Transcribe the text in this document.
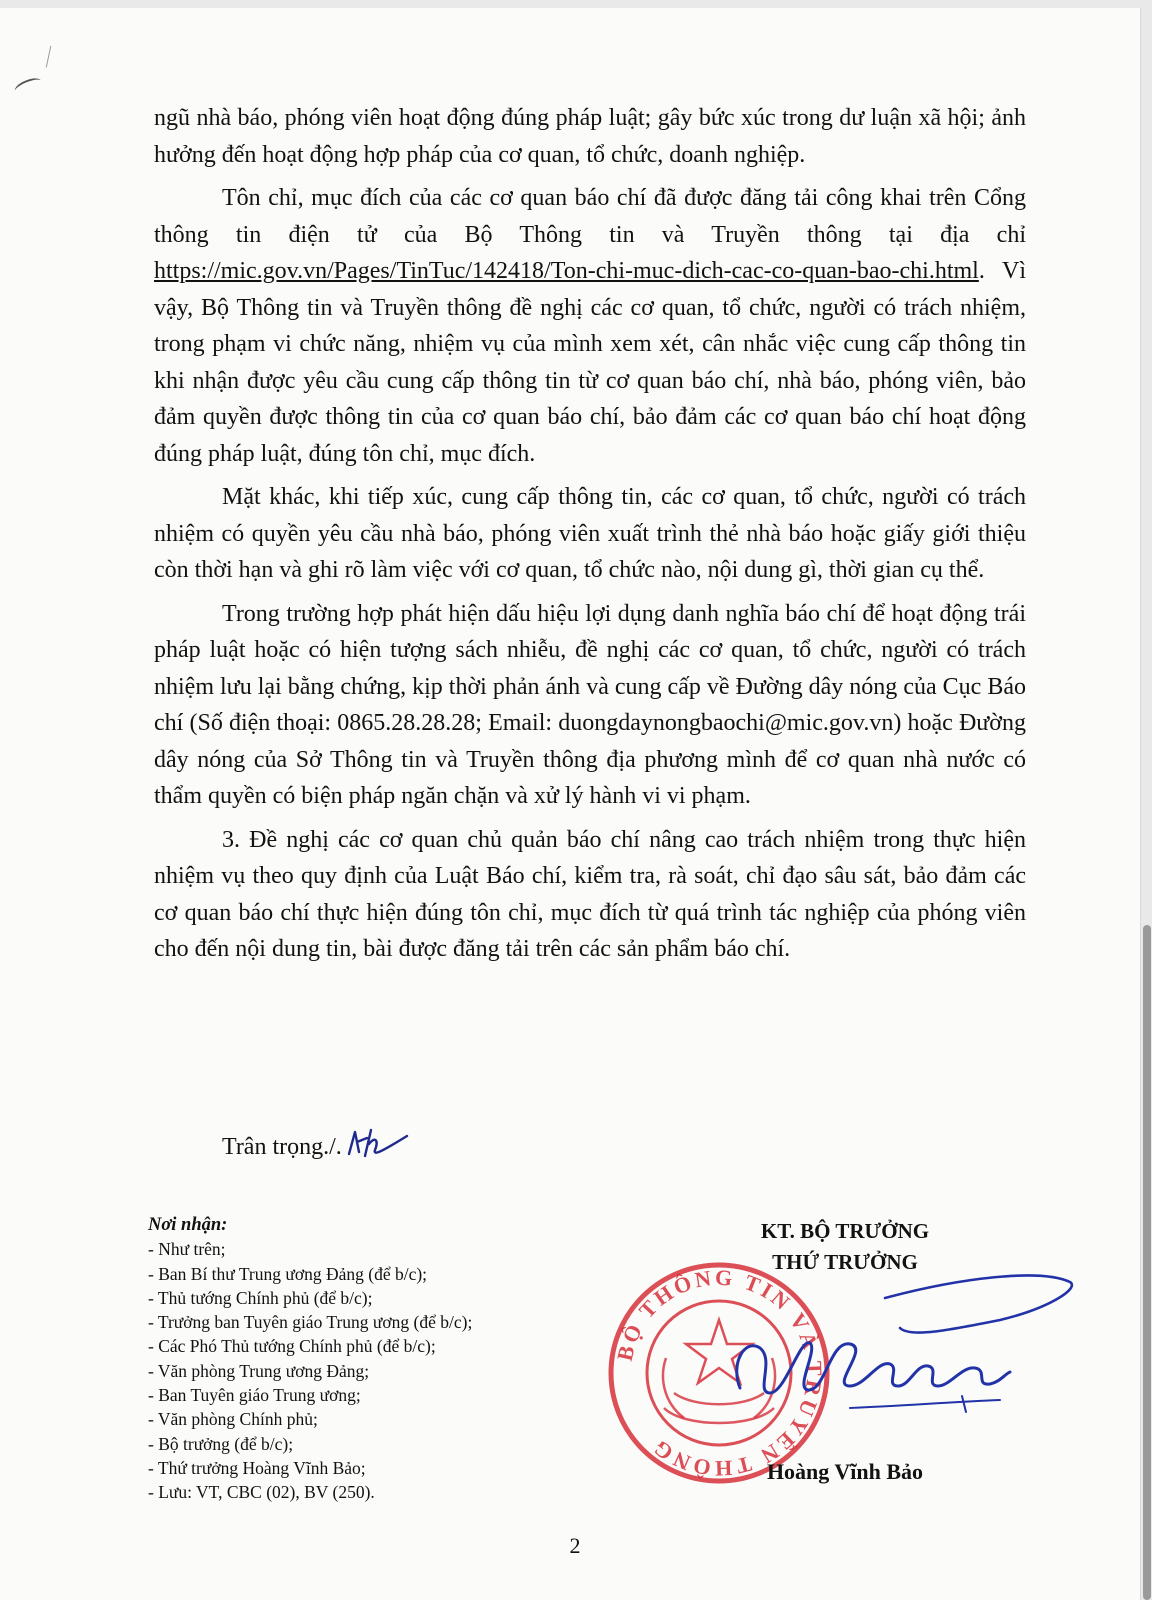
ngũ nhà báo, phóng viên hoạt động đúng pháp luật; gây bức xúc trong dư luận xã hội; ảnh hưởng đến hoạt động hợp pháp của cơ quan, tổ chức, doanh nghiệp.

Tôn chỉ, mục đích của các cơ quan báo chí đã được đăng tải công khai trên Cổng thông tin điện tử của Bộ Thông tin và Truyền thông tại địa chỉ https://mic.gov.vn/Pages/TinTuc/142418/Ton-chi-muc-dich-cac-co-quan-bao-chi.html. Vì vậy, Bộ Thông tin và Truyền thông đề nghị các cơ quan, tổ chức, người có trách nhiệm, trong phạm vi chức năng, nhiệm vụ của mình xem xét, cân nhắc việc cung cấp thông tin khi nhận được yêu cầu cung cấp thông tin từ cơ quan báo chí, nhà báo, phóng viên, bảo đảm quyền được thông tin của cơ quan báo chí, bảo đảm các cơ quan báo chí hoạt động đúng pháp luật, đúng tôn chỉ, mục đích.

Mặt khác, khi tiếp xúc, cung cấp thông tin, các cơ quan, tổ chức, người có trách nhiệm có quyền yêu cầu nhà báo, phóng viên xuất trình thẻ nhà báo hoặc giấy giới thiệu còn thời hạn và ghi rõ làm việc với cơ quan, tổ chức nào, nội dung gì, thời gian cụ thể.

Trong trường hợp phát hiện dấu hiệu lợi dụng danh nghĩa báo chí để hoạt động trái pháp luật hoặc có hiện tượng sách nhiễu, đề nghị các cơ quan, tổ chức, người có trách nhiệm lưu lại bằng chứng, kịp thời phản ánh và cung cấp về Đường dây nóng của Cục Báo chí (Số điện thoại: 0865.28.28.28; Email: duongdaynongbaochi@mic.gov.vn) hoặc Đường dây nóng của Sở Thông tin và Truyền thông địa phương mình để cơ quan nhà nước có thẩm quyền có biện pháp ngăn chặn và xử lý hành vi vi phạm.

3. Đề nghị các cơ quan chủ quản báo chí nâng cao trách nhiệm trong thực hiện nhiệm vụ theo quy định của Luật Báo chí, kiểm tra, rà soát, chỉ đạo sâu sát, bảo đảm các cơ quan báo chí thực hiện đúng tôn chỉ, mục đích từ quá trình tác nghiệp của phóng viên cho đến nội dung tin, bài được đăng tải trên các sản phẩm báo chí.

Trân trọng./.
Nơi nhận:
- Như trên;
- Ban Bí thư Trung ương Đảng (để b/c);
- Thủ tướng Chính phủ (để b/c);
- Trưởng ban Tuyên giáo Trung ương (để b/c);
- Các Phó Thủ tướng Chính phủ (để b/c);
- Văn phòng Trung ương Đảng;
- Ban Tuyên giáo Trung ương;
- Văn phòng Chính phủ;
- Bộ trưởng (để b/c);
- Thứ trưởng Hoàng Vĩnh Bảo;
- Lưu: VT, CBC (02), BV (250).
KT. BỘ TRƯỞNG
THỨ TRƯỞNG
BỘ THÔNG TIN VÀ TRUYỀN THÔNG
Hoàng Vĩnh Bảo
2
